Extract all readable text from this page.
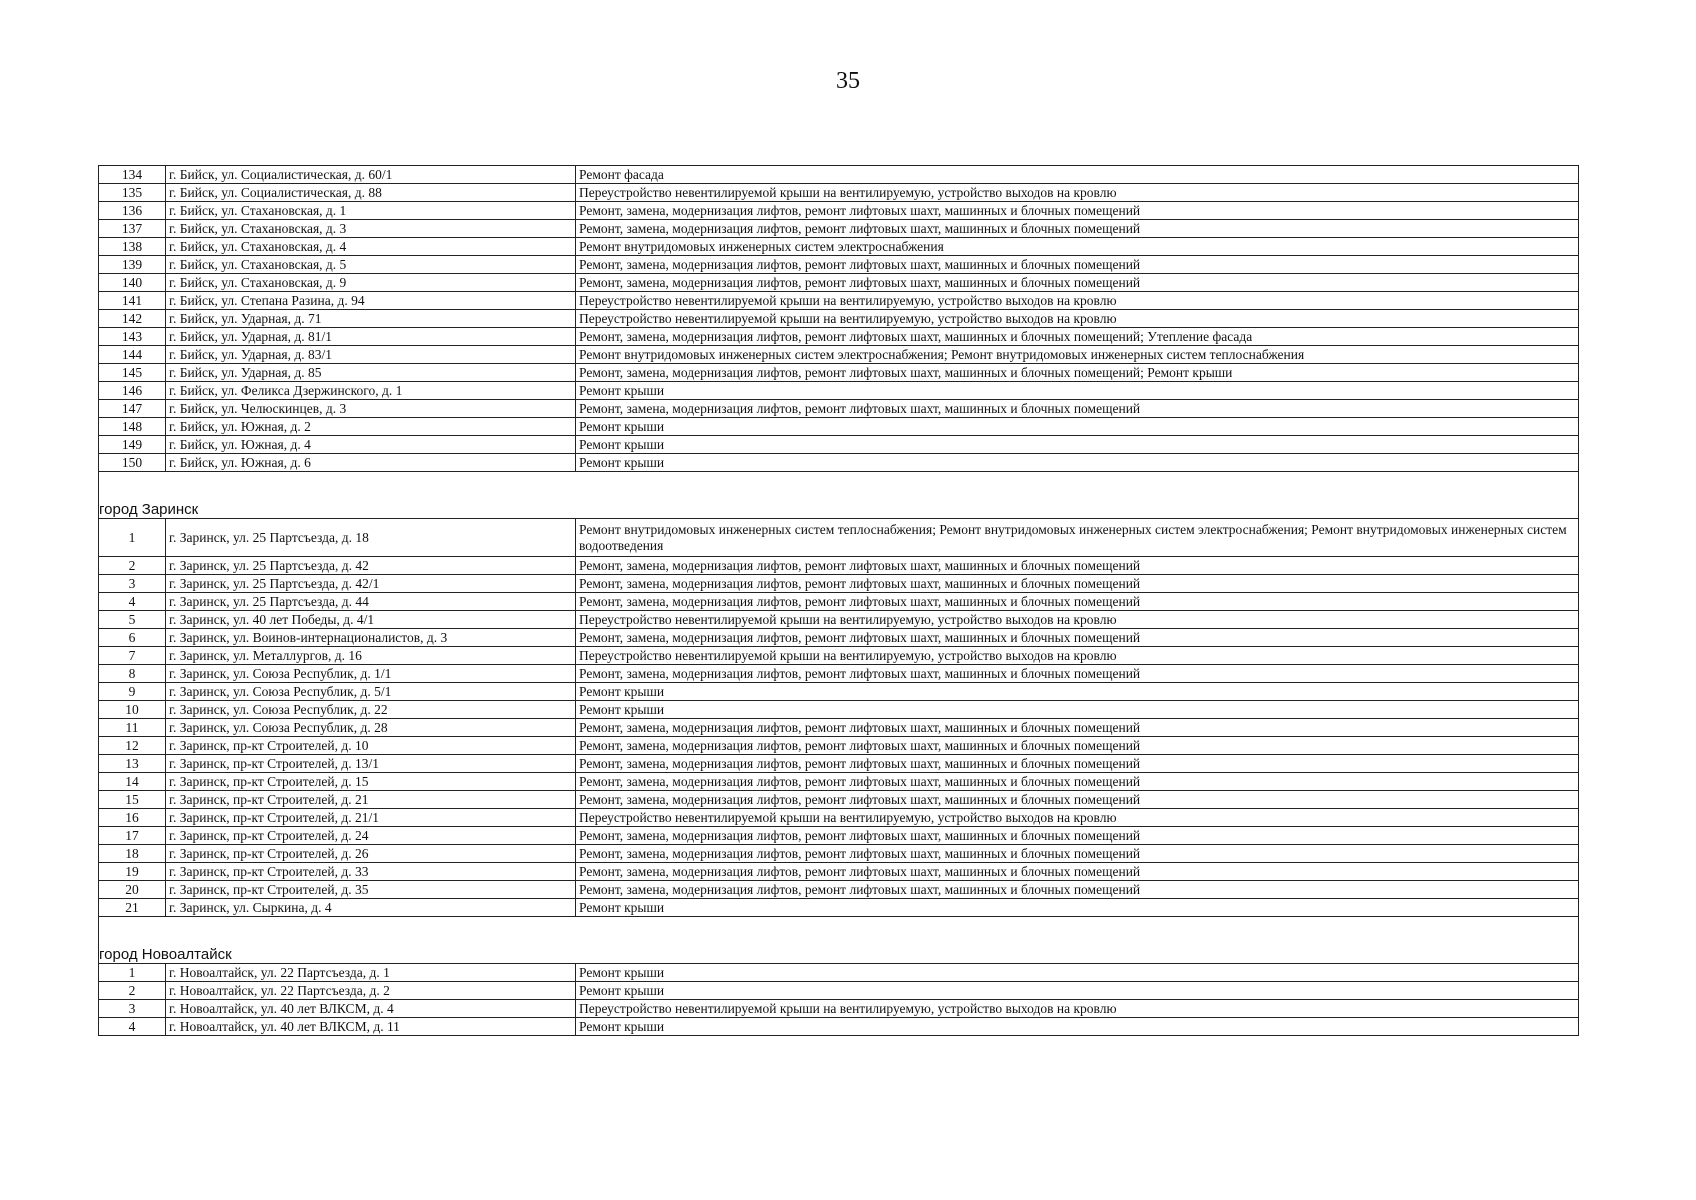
35
134	г. Бийск, ул. Социалистическая, д. 60/1	Ремонт фасада
135	г. Бийск, ул. Социалистическая, д. 88	Переустройство невентилируемой крыши на вентилируемую, устройство выходов на кровлю
136	г. Бийск, ул. Стахановская, д. 1	Ремонт, замена, модернизация лифтов, ремонт лифтовых шахт, машинных и блочных помещений
137	г. Бийск, ул. Стахановская, д. 3	Ремонт, замена, модернизация лифтов, ремонт лифтовых шахт, машинных и блочных помещений
138	г. Бийск, ул. Стахановская, д. 4	Ремонт внутридомовых инженерных систем электроснабжения
139	г. Бийск, ул. Стахановская, д. 5	Ремонт, замена, модернизация лифтов, ремонт лифтовых шахт, машинных и блочных помещений
140	г. Бийск, ул. Стахановская, д. 9	Ремонт, замена, модернизация лифтов, ремонт лифтовых шахт, машинных и блочных помещений
141	г. Бийск, ул. Степана Разина, д. 94	Переустройство невентилируемой крыши на вентилируемую, устройство выходов на кровлю
142	г. Бийск, ул. Ударная, д. 71	Переустройство невентилируемой крыши на вентилируемую, устройство выходов на кровлю
143	г. Бийск, ул. Ударная, д. 81/1	Ремонт, замена, модернизация лифтов, ремонт лифтовых шахт, машинных и блочных помещений; Утепление фасада
144	г. Бийск, ул. Ударная, д. 83/1	Ремонт внутридомовых инженерных систем электроснабжения; Ремонт внутридомовых инженерных систем теплоснабжения
145	г. Бийск, ул. Ударная, д. 85	Ремонт, замена, модернизация лифтов, ремонт лифтовых шахт, машинных и блочных помещений; Ремонт крыши
146	г. Бийск, ул. Феликса Дзержинского, д. 1	Ремонт крыши
147	г. Бийск, ул. Челюскинцев, д. 3	Ремонт, замена, модернизация лифтов, ремонт лифтовых шахт, машинных и блочных помещений
148	г. Бийск, ул. Южная, д. 2	Ремонт крыши
149	г. Бийск, ул. Южная, д. 4	Ремонт крыши
150	г. Бийск, ул. Южная, д. 6	Ремонт крыши

город Заринск		
1	г. Заринск, ул. 25 Партсъезда, д. 18	Ремонт внутридомовых инженерных систем теплоснабжения; Ремонт внутридомовых инженерных систем электроснабжения; Ремонт внутридомовых инженерных систем водоотведения
2	г. Заринск, ул. 25 Партсъезда, д. 42	Ремонт, замена, модернизация лифтов, ремонт лифтовых шахт, машинных и блочных помещений
3	г. Заринск, ул. 25 Партсъезда, д. 42/1	Ремонт, замена, модернизация лифтов, ремонт лифтовых шахт, машинных и блочных помещений
4	г. Заринск, ул. 25 Партсъезда, д. 44	Ремонт, замена, модернизация лифтов, ремонт лифтовых шахт, машинных и блочных помещений
5	г. Заринск, ул. 40 лет Победы, д. 4/1	Переустройство невентилируемой крыши на вентилируемую, устройство выходов на кровлю
6	г. Заринск, ул. Воинов-интернационалистов, д. 3	Ремонт, замена, модернизация лифтов, ремонт лифтовых шахт, машинных и блочных помещений
7	г. Заринск, ул. Металлургов, д. 16	Переустройство невентилируемой крыши на вентилируемую, устройство выходов на кровлю
8	г. Заринск, ул. Союза Республик, д. 1/1	Ремонт, замена, модернизация лифтов, ремонт лифтовых шахт, машинных и блочных помещений
9	г. Заринск, ул. Союза Республик, д. 5/1	Ремонт крыши
10	г. Заринск, ул. Союза Республик, д. 22	Ремонт крыши
11	г. Заринск, ул. Союза Республик, д. 28	Ремонт, замена, модернизация лифтов, ремонт лифтовых шахт, машинных и блочных помещений
12	г. Заринск, пр-кт Строителей, д. 10	Ремонт, замена, модернизация лифтов, ремонт лифтовых шахт, машинных и блочных помещений
13	г. Заринск, пр-кт Строителей, д. 13/1	Ремонт, замена, модернизация лифтов, ремонт лифтовых шахт, машинных и блочных помещений
14	г. Заринск, пр-кт Строителей, д. 15	Ремонт, замена, модернизация лифтов, ремонт лифтовых шахт, машинных и блочных помещений
15	г. Заринск, пр-кт Строителей, д. 21	Ремонт, замена, модернизация лифтов, ремонт лифтовых шахт, машинных и блочных помещений
16	г. Заринск, пр-кт Строителей, д. 21/1	Переустройство невентилируемой крыши на вентилируемую, устройство выходов на кровлю
17	г. Заринск, пр-кт Строителей, д. 24	Ремонт, замена, модернизация лифтов, ремонт лифтовых шахт, машинных и блочных помещений
18	г. Заринск, пр-кт Строителей, д. 26	Ремонт, замена, модернизация лифтов, ремонт лифтовых шахт, машинных и блочных помещений
19	г. Заринск, пр-кт Строителей, д. 33	Ремонт, замена, модернизация лифтов, ремонт лифтовых шахт, машинных и блочных помещений
20	г. Заринск, пр-кт Строителей, д. 35	Ремонт, замена, модернизация лифтов, ремонт лифтовых шахт, машинных и блочных помещений
21	г. Заринск, ул. Сыркина, д. 4	Ремонт крыши

город Новоалтайск		
1	г. Новоалтайск, ул. 22 Партсъезда, д. 1	Ремонт крыши
2	г. Новоалтайск, ул. 22 Партсъезда, д. 2	Ремонт крыши
3	г. Новоалтайск, ул. 40 лет ВЛКСМ, д. 4	Переустройство невентилируемой крыши на вентилируемую, устройство выходов на кровлю
4	г. Новоалтайск, ул. 40 лет ВЛКСМ, д. 11	Ремонт крыши
